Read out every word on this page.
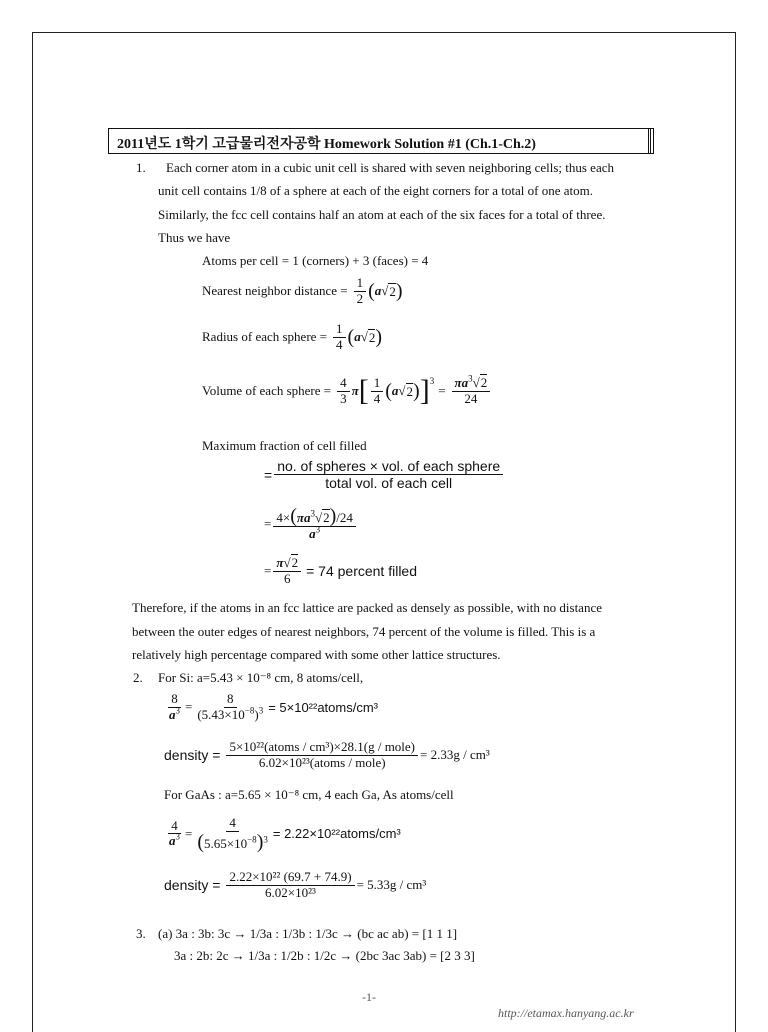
2011년도 1학기 고급물리전자공학 Homework Solution #1 (Ch.1-Ch.2)
1. Each corner atom in a cubic unit cell is shared with seven neighboring cells; thus each
unit cell contains 1/8 of a sphere at each of the eight corners for a total of one atom.
Similarly, the fcc cell contains half an atom at each of the six faces for a total of three.
Thus we have
Atoms per cell = 1 (corners) + 3 (faces) = 4
Nearest neighbor distance = $\frac{1}{2}$ ( a √ 2 )
Radius of each sphere = $\frac{1}{4}$ ( a √ 2 )
Volume of each sphere = $\frac{4}{3}$ π [ $\frac{1}{4}$ ( a √ 2 ) ] 3
= $\frac{\pi a^3√2}{24}$
Maximum fraction of cell filled
= $\frac{\text{no. of spheres × vol. of each sphere}}{\text{total vol. of each cell}}$
= $\frac{4\times(\pi a^3√2)/24}{a^3}$
= $\frac{\pi√2}{6} = 74$ percent filled
Therefore, if the atoms in an fcc lattice are packed as densely as possible, with no distance
between the outer edges of nearest neighbors, 74 percent of the volume is filled. This is a
relatively high percentage compared with some other lattice structures.
2. For Si: a=5.43 × 10⁻⁸ cm, 8 atoms/cell,
$\frac{8}{a^3} = \frac{8}{(5.43\times 10^{-8})^3}$ = 5×10²²atoms/cm³
density = $\frac{\text{5×10²²(atoms / cm³)×28.1(g / mole)}}{\text{6.02×10²³(atoms / mole)}} = 2.33g / cm^3$
For GaAs : a=5.65 × 10⁻⁸ cm, 4 each Ga, As atoms/cell
$\frac{4}{a^3} = \frac{4}{(5.65\times 10^{-8})^3}$ = 2.22×10²²atoms/cm³
density = $\frac{\text{2.22×10²² (69.7 + 74.9)}}{\text{6.02×10²³}} = 5.33g / cm^3$
3. (a) 3a : 3b: 3c → 1/3a : 1/3b : 1/3c → (bc ac ab) = [1 1 1]
3a : 2b: 2c → 1/3a : 1/2b : 1/2c → (2bc 3ac 3ab) = [2 3 3]
-1-
http://etamax.hanyang.ac.kr
